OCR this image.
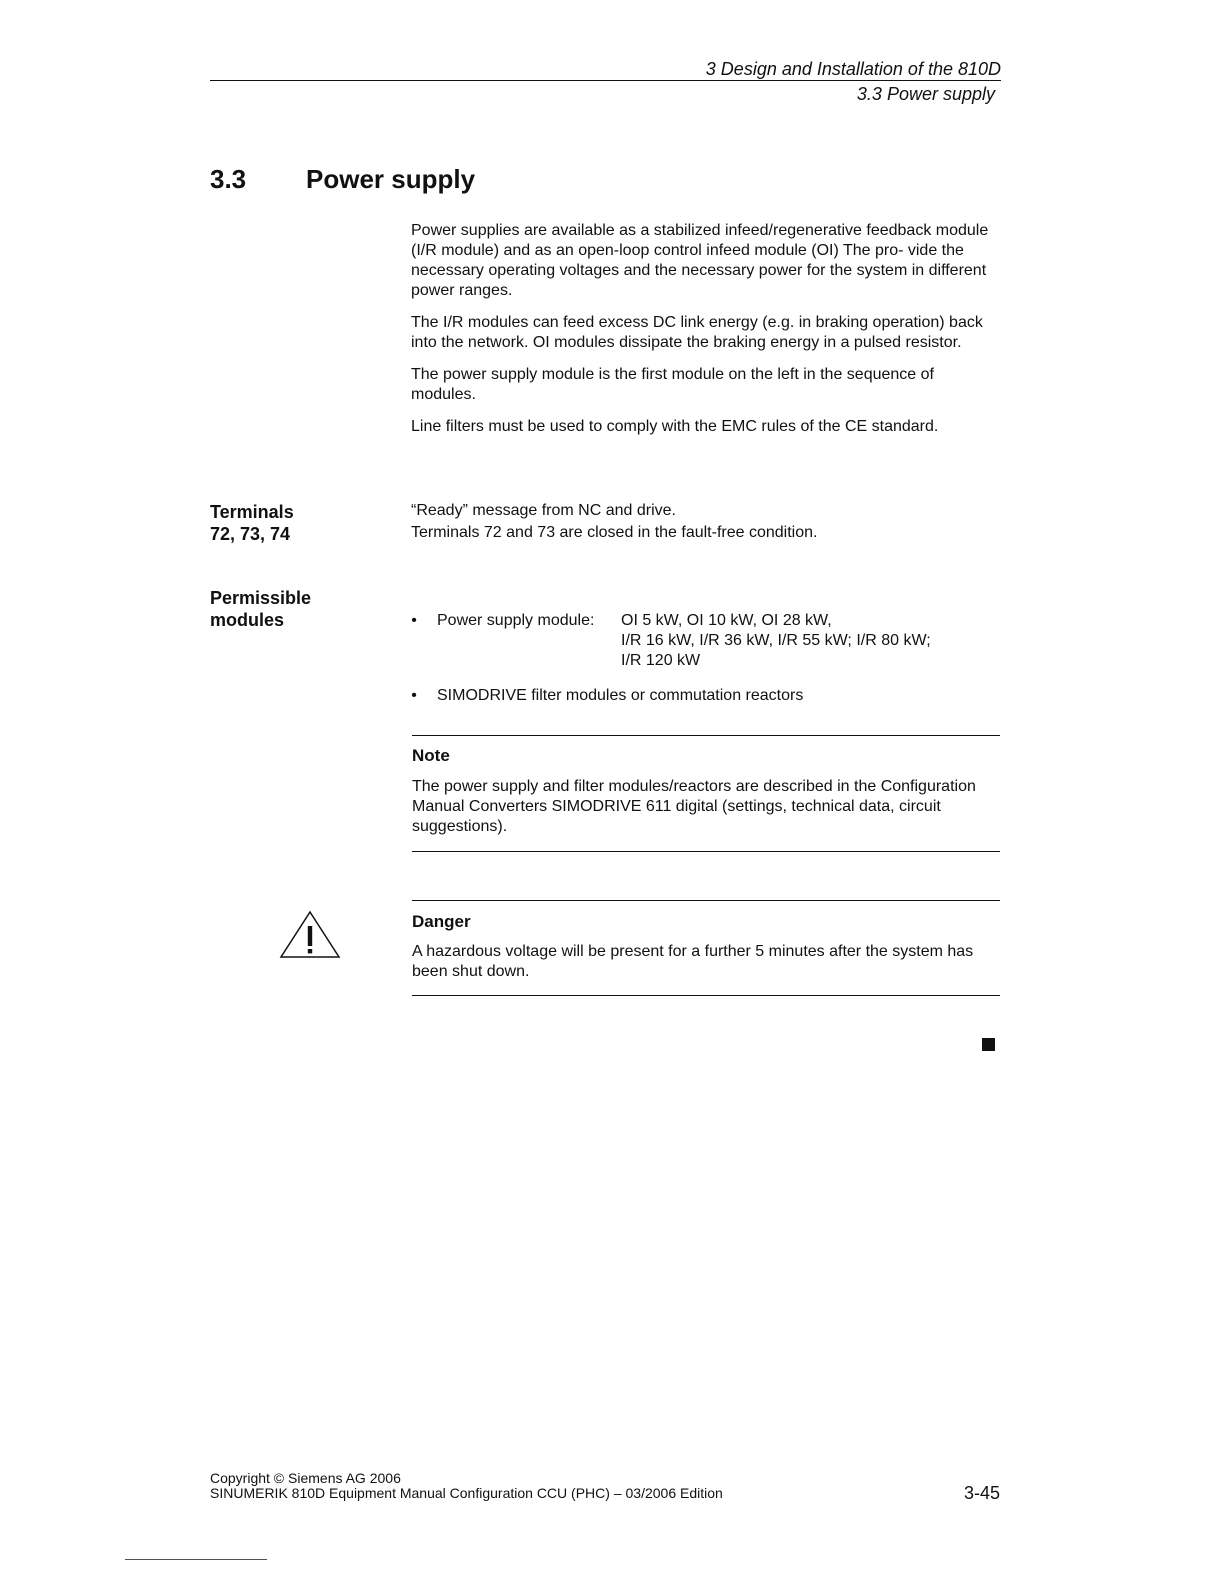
3 Design and Installation of the 810D
3.3 Power supply
3.3 Power supply

Power supplies are available as a stabilized infeed/regenerative feedback module (I/R module) and as an open-loop control infeed module (OI) The pro- vide the necessary operating voltages and the necessary power for the system in different power ranges.

The I/R modules can feed excess DC link energy (e.g. in braking operation) back into the network. OI modules dissipate the braking energy in a pulsed resistor.

The power supply module is the first module on the left in the sequence of modules.

Line filters must be used to comply with the EMC rules of the CE standard.

Terminals
72, 73, 74
“Ready” message from NC and drive.
Terminals 72 and 73 are closed in the fault-free condition.
Permissible
modules	• Power supply module: OI 5 kW, OI 10 kW, OI 28 kW,
I/R 16 kW, I/R 36 kW, I/R 55 kW; I/R 80 kW;
I/R 120 kW
• SIMODRIVE filter modules or commutation reactors
Note
The power supply and filter modules/reactors are described in the Configuration Manual Converters SIMODRIVE 611 digital (settings, technical data, circuit suggestions).
Danger
A hazardous voltage will be present for a further 5 minutes after the system has been shut down.
Copyright © Siemens AG 2006
SINUMERIK 810D Equipment Manual Configuration CCU (PHC) – 03/2006 Edition	3-45
